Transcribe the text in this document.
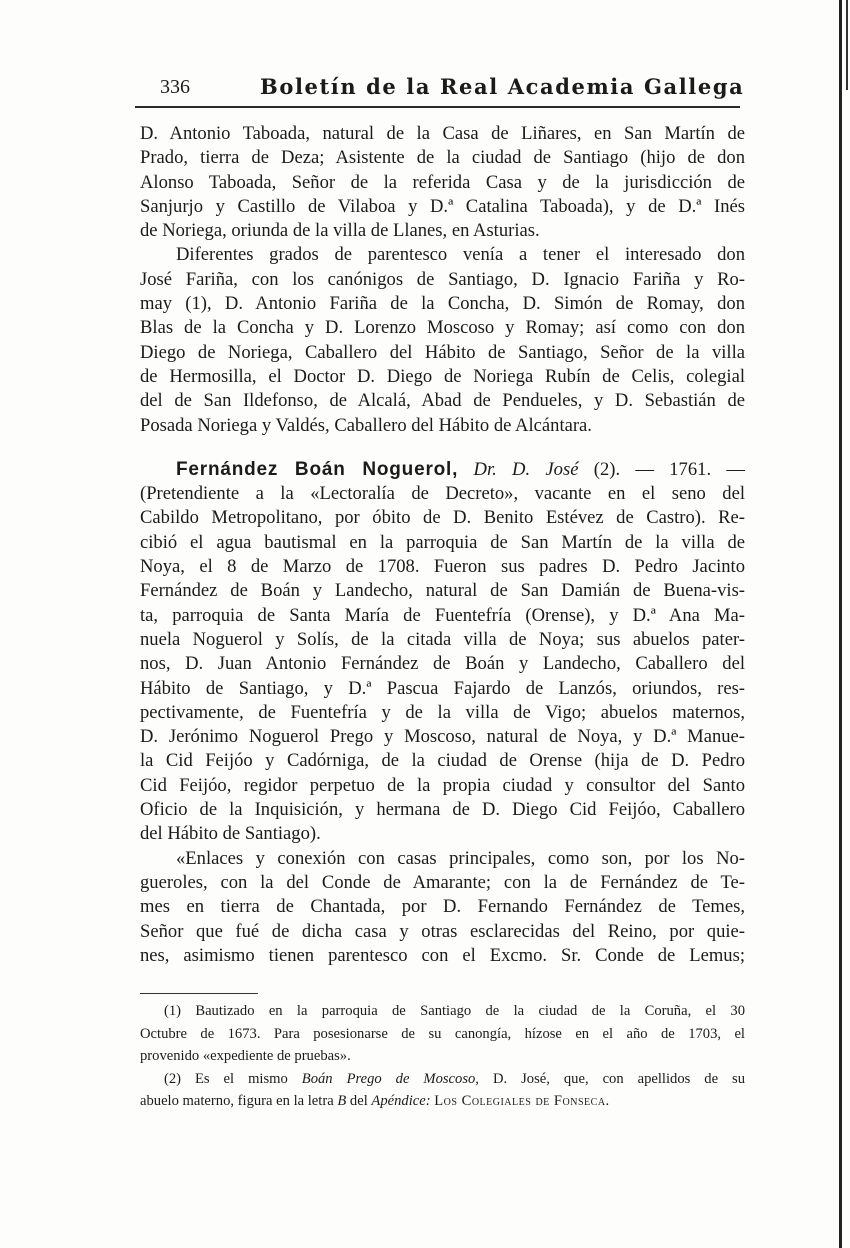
336	Boletín de la Real Academia Gallega
D. Antonio Taboada, natural de la Casa de Liñares, en San Martín de
Prado, tierra de Deza; Asistente de la ciudad de Santiago (hijo de don
Alonso Taboada, Señor de la referida Casa y de la jurisdicción de
Sanjurjo y Castillo de Vilaboa y D.ª Catalina Taboada), y de D.ª Inés
de Noriega, oriunda de la villa de Llanes, en Asturias.
Diferentes grados de parentesco venía a tener el interesado don
José Fariña, con los canónigos de Santiago, D. Ignacio Fariña y Ro-
may (1), D. Antonio Fariña de la Concha, D. Simón de Romay, don
Blas de la Concha y D. Lorenzo Moscoso y Romay; así como con don
Diego de Noriega, Caballero del Hábito de Santiago, Señor de la villa
de Hermosilla, el Doctor D. Diego de Noriega Rubín de Celis, colegial
del de San Ildefonso, de Alcalá, Abad de Pendueles, y D. Sebastián de
Posada Noriega y Valdés, Caballero del Hábito de Alcántara.
Fernández Boán Noguerol, Dr. D. José (2). — 1761. —
(Pretendiente a la «Lectoralía de Decreto», vacante en el seno del
Cabildo Metropolitano, por óbito de D. Benito Estévez de Castro). Re-
cibió el agua bautismal en la parroquia de San Martín de la villa de
Noya, el 8 de Marzo de 1708. Fueron sus padres D. Pedro Jacinto
Fernández de Boán y Landecho, natural de San Damián de Buena-vis-
ta, parroquia de Santa María de Fuentefría (Orense), y D.ª Ana Ma-
nuela Noguerol y Solís, de la citada villa de Noya; sus abuelos pater-
nos, D. Juan Antonio Fernández de Boán y Landecho, Caballero del
Hábito de Santiago, y D.ª Pascua Fajardo de Lanzós, oriundos, res-
pectivamente, de Fuentefría y de la villa de Vigo; abuelos maternos,
D. Jerónimo Noguerol Prego y Moscoso, natural de Noya, y D.ª Manue-
la Cid Feijóo y Cadórniga, de la ciudad de Orense (hija de D. Pedro
Cid Feijóo, regidor perpetuo de la propia ciudad y consultor del Santo
Oficio de la Inquisición, y hermana de D. Diego Cid Feijóo, Caballero
del Hábito de Santiago).
«Enlaces y conexión con casas principales, como son, por los No-
gueroles, con la del Conde de Amarante; con la de Fernández de Te-
mes en tierra de Chantada, por D. Fernando Fernández de Temes,
Señor que fué de dicha casa y otras esclarecidas del Reino, por quie-
nes, asimismo tienen parentesco con el Excmo. Sr. Conde de Lemus;
(1) Bautizado en la parroquia de Santiago de la ciudad de la Coruña, el 30
Octubre de 1673. Para posesionarse de su canongía, hízose en el año de 1703, el
provenido «expediente de pruebas».
(2) Es el mismo Boán Prego de Moscoso, D. José, que, con apellidos de su
abuelo materno, figura en la letra B del Apéndice: Los Colegiales de Fonseca.
